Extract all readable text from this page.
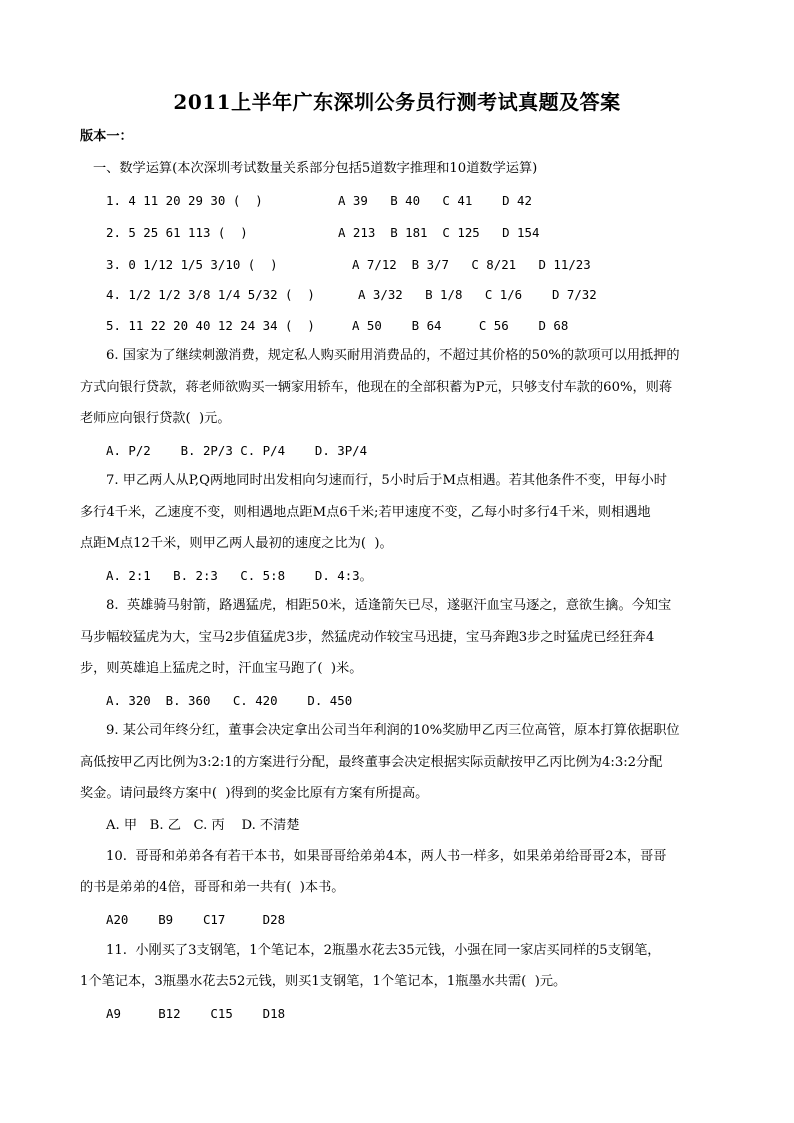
2011上半年广东深圳公务员行测考试真题及答案
版本一：
一、数学运算(本次深圳考试数量关系部分包括5道数字推理和10道数学运算)
1. 4 11 20 29 30 (  )	A 39   B 40   C 41    D 42
2. 5 25 61 113 (  )	A 213  B 181  C 125   D 154
3. 0 1/12 1/5 3/10 (  )	A 7/12  B 3/7   C 8/21   D 11/23
4. 1/2 1/2 3/8 1/4 5/32 (  )	A 3/32   B 1/8   C 1/6    D 7/32
5. 11 22 20 40 12 24 34 (  )	A 50    B 64     C 56    D 68
6. 国家为了继续刺激消费，规定私人购买耐用消费品的，不超过其价格的50%的款项可以用抵押的
方式向银行贷款，蒋老师欲购买一辆家用轿车，他现在的全部积蓄为P元，只够支付车款的60%，则蒋
老师应向银行贷款(  )元。
A. P/2    B. 2P/3 C. P/4    D. 3P/4
7. 甲乙两人从P,Q两地同时出发相向匀速而行，5小时后于M点相遇。若其他条件不变，甲每小时
多行4千米，乙速度不变，则相遇地点距M点6千米;若甲速度不变，乙每小时多行4千米，则相遇地
点距M点12千米，则甲乙两人最初的速度之比为(  )。
A. 2:1   B. 2:3   C. 5:8    D. 4:3。
8.  英雄骑马射箭，路遇猛虎，相距50米，适逢箭矢已尽，遂驱汗血宝马逐之，意欲生擒。今知宝
马步幅较猛虎为大，宝马2步值猛虎3步，然猛虎动作较宝马迅捷，宝马奔跑3步之时猛虎已经狂奔4
步，则英雄追上猛虎之时，汗血宝马跑了(  )米。
A. 320  B. 360   C. 420    D. 450
9. 某公司年终分红，董事会决定拿出公司当年利润的10%奖励甲乙丙三位高管，原本打算依据职位
高低按甲乙丙比例为3:2:1的方案进行分配，最终董事会决定根据实际贡献按甲乙丙比例为4:3:2分配
奖金。请问最终方案中(  )得到的奖金比原有方案有所提高。
A. 甲   B. 乙   C. 丙    D. 不清楚
10.  哥哥和弟弟各有若干本书，如果哥哥给弟弟4本，两人书一样多，如果弟弟给哥哥2本，哥哥
的书是弟弟的4倍，哥哥和弟一共有(  )本书。
A20    B9    C17     D28
11.  小刚买了3支钢笔，1个笔记本，2瓶墨水花去35元钱，小强在同一家店买同样的5支钢笔，
1个笔记本，3瓶墨水花去52元钱，则买1支钢笔，1个笔记本，1瓶墨水共需(  )元。
A9     B12    C15    D18
